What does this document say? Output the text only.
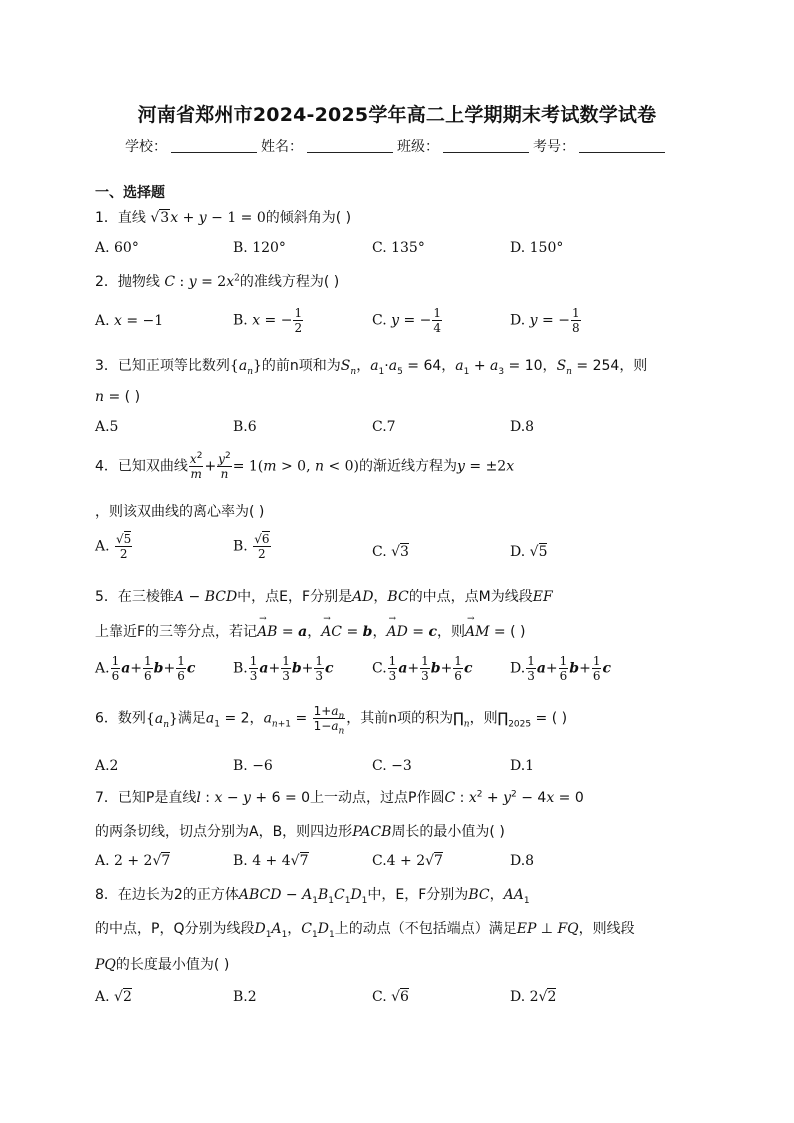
河南省郑州市2024-2025学年高二上学期期末考试数学试卷
学校：	姓名：	班级：	考号：
一、选择题
1．直线 √3x + y − 1 = 0的倾斜角为( )
A. 60°	B. 120°	C. 135°	D. 150°
2．抛物线 C : $y = 2x^2$的准线方程为( )
A. x = −1	B. x = − $\frac{1}{2}$	C. y = − $\frac{1}{4}$	D. y = − $\frac{1}{8}$
3．已知正项等比数列$\{a_n\}$的前n项和为$S_n$，$a_1\cdot a_5 = 64$，$a_1 + a_3 = 10$，$S_n = 254$，则
n = ( )
A.5	B.6	C.7	D.8
4．已知双曲线 $\frac{x^2}{m} + \frac{y^2}{n} = 1(m > 0$, n < 0)的渐近线方程为y = ±2x
，则该双曲线的离心率为( )
A. $\frac{√5}{2}$	B. $\frac{√6}{2}$	C. √3	D. √5
5．在三棱锥A − BCD中，点E，F分别是AD，BC的中点，点M为线段EF
上靠近F的三等分点，若记→ AB = a，→ AC = b，→ AD = c，则→ AM = ( )
A. $\frac{1}{6} a+ \frac{1}{6} b+ \frac{1}{6}$ c	B. $\frac{1}{3} a+ \frac{1}{3} b+ \frac{1}{3}$ c	C. $\frac{1}{3} a+ \frac{1}{3} b+ \frac{1}{6}$ c	D. $\frac{1}{3} a+ \frac{1}{6} b+ \frac{1}{6}$ c
6．数列$\{a_n\}$满足$a_1 = 2$，$a_{n+1} = \frac{1+a_n}{1-a_n}$ ，其前n项的积为$\prod_n$，则$\prod_{2025}$ = ( )
A.2	B. −6	C. −3	D.1
7．已知P是直线l : x − y + 6 = 0上一动点，过点P作圆C : $x^2 + y^2 - 4x = 0$
的两条切线，切点分别为A，B，则四边形PACB周长的最小值为( )
A. 2 + 2√7	B. 4 + 4√7	C.4 + 2√7	D.8
8．在边长为2的正方体ABCD − $A_1B_1C_1D_1$中，E，F分别为BC，$AA_1$
的中点，P，Q分别为线段$D_1A_1$，$C_1D_1$上的动点（不包括端点）满足EP ⊥ FQ，则线段
PQ的长度最小值为( )
A. √2	B.2	C. √6	D. 2√2
